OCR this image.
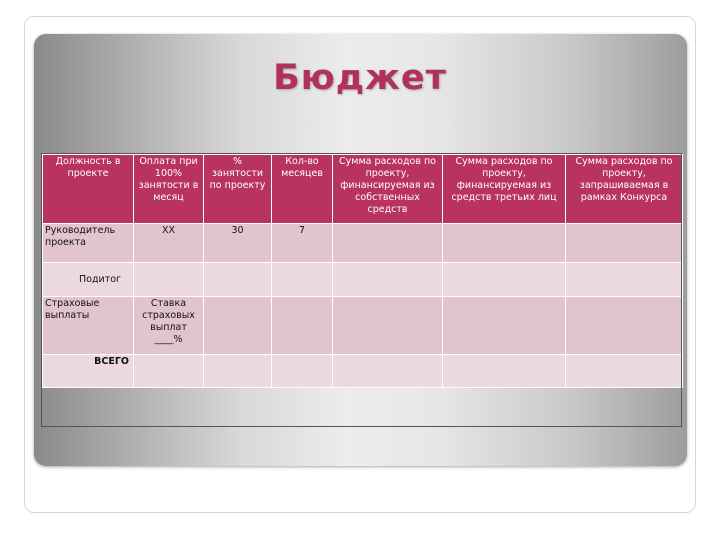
Бюджет
Должность в проекте	Оплата при 100% занятости в месяц	% занятости по проекту	Кол-во месяцев	Сумма расходов по проекту, финансируемая из собственных средств	Сумма расходов по проекту, финансируемая из средств третьих лиц	Сумма расходов по проекту, запрашиваемая в рамках Конкурса
Руководитель проекта	ХХ	30	7			
Подитог						
Страховые выплаты	Ставка страховых выплат ____%					
ВСЕГО						
